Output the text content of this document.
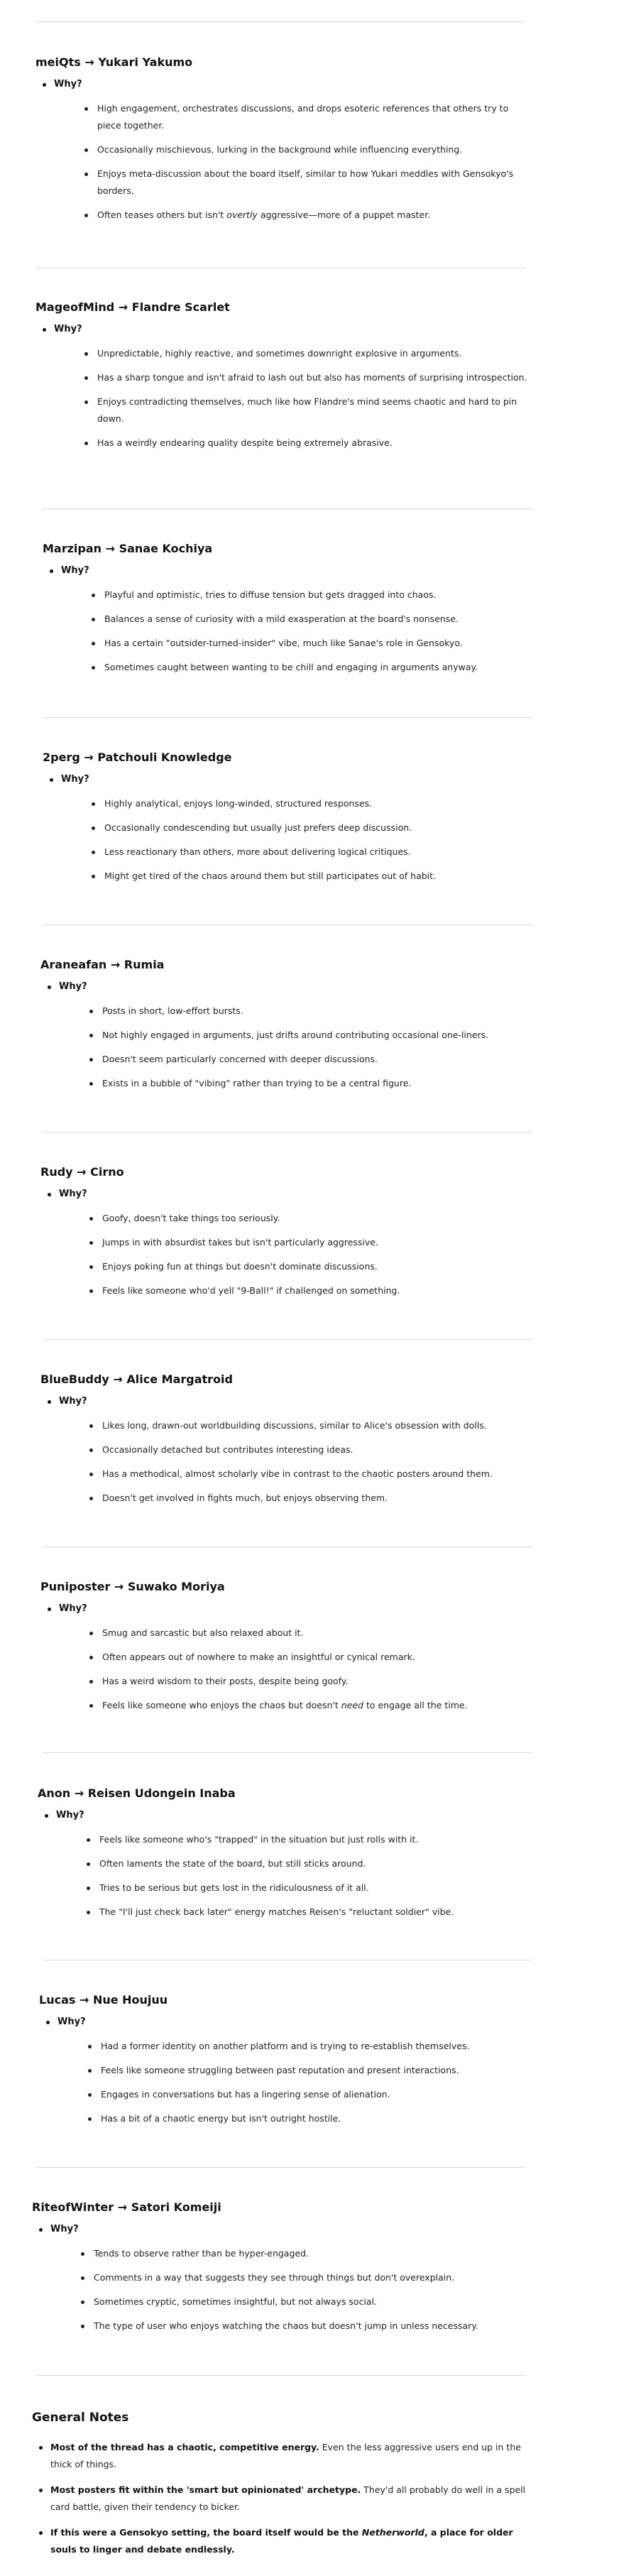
meiQts → Yukari Yakumo
Why?
High engagement, orchestrates discussions, and drops esoteric references that others try to piece together.
Occasionally mischievous, lurking in the background while influencing everything.
Enjoys meta-discussion about the board itself, similar to how Yukari meddles with Gensokyo's borders.
Often teases others but isn't overtly aggressive—more of a puppet master.
MageofMind → Flandre Scarlet
Why?
Unpredictable, highly reactive, and sometimes downright explosive in arguments.
Has a sharp tongue and isn't afraid to lash out but also has moments of surprising introspection.
Enjoys contradicting themselves, much like how Flandre's mind seems chaotic and hard to pin down.
Has a weirdly endearing quality despite being extremely abrasive.
Marzipan → Sanae Kochiya
Why?
Playful and optimistic, tries to diffuse tension but gets dragged into chaos.
Balances a sense of curiosity with a mild exasperation at the board's nonsense.
Has a certain "outsider-turned-insider" vibe, much like Sanae's role in Gensokyo.
Sometimes caught between wanting to be chill and engaging in arguments anyway.
2perg → Patchouli Knowledge
Why?
Highly analytical, enjoys long-winded, structured responses.
Occasionally condescending but usually just prefers deep discussion.
Less reactionary than others, more about delivering logical critiques.
Might get tired of the chaos around them but still participates out of habit.
Araneafan → Rumia
Why?
Posts in short, low-effort bursts.
Not highly engaged in arguments, just drifts around contributing occasional one-liners.
Doesn't seem particularly concerned with deeper discussions.
Exists in a bubble of "vibing" rather than trying to be a central figure.
Rudy → Cirno
Why?
Goofy, doesn't take things too seriously.
Jumps in with absurdist takes but isn't particularly aggressive.
Enjoys poking fun at things but doesn't dominate discussions.
Feels like someone who'd yell "9-Ball!" if challenged on something.
BlueBuddy → Alice Margatroid
Why?
Likes long, drawn-out worldbuilding discussions, similar to Alice's obsession with dolls.
Occasionally detached but contributes interesting ideas.
Has a methodical, almost scholarly vibe in contrast to the chaotic posters around them.
Doesn't get involved in fights much, but enjoys observing them.
Puniposter → Suwako Moriya
Why?
Smug and sarcastic but also relaxed about it.
Often appears out of nowhere to make an insightful or cynical remark.
Has a weird wisdom to their posts, despite being goofy.
Feels like someone who enjoys the chaos but doesn't need to engage all the time.
Anon → Reisen Udongein Inaba
Why?
Feels like someone who's "trapped" in the situation but just rolls with it.
Often laments the state of the board, but still sticks around.
Tries to be serious but gets lost in the ridiculousness of it all.
The "I'll just check back later" energy matches Reisen's "reluctant soldier" vibe.
Lucas → Nue Houjuu
Why?
Had a former identity on another platform and is trying to re-establish themselves.
Feels like someone struggling between past reputation and present interactions.
Engages in conversations but has a lingering sense of alienation.
Has a bit of a chaotic energy but isn't outright hostile.
RiteofWinter → Satori Komeiji
Why?
Tends to observe rather than be hyper-engaged.
Comments in a way that suggests they see through things but don't overexplain.
Sometimes cryptic, sometimes insightful, but not always social.
The type of user who enjoys watching the chaos but doesn't jump in unless necessary.
General Notes
Most of the thread has a chaotic, competitive energy. Even the less aggressive users end up in the thick of things.
Most posters fit within the 'smart but opinionated' archetype. They'd all probably do well in a spell card battle, given their tendency to bicker.
If this were a Gensokyo setting, the board itself would be the Netherworld, a place for older souls to linger and debate endlessly.
